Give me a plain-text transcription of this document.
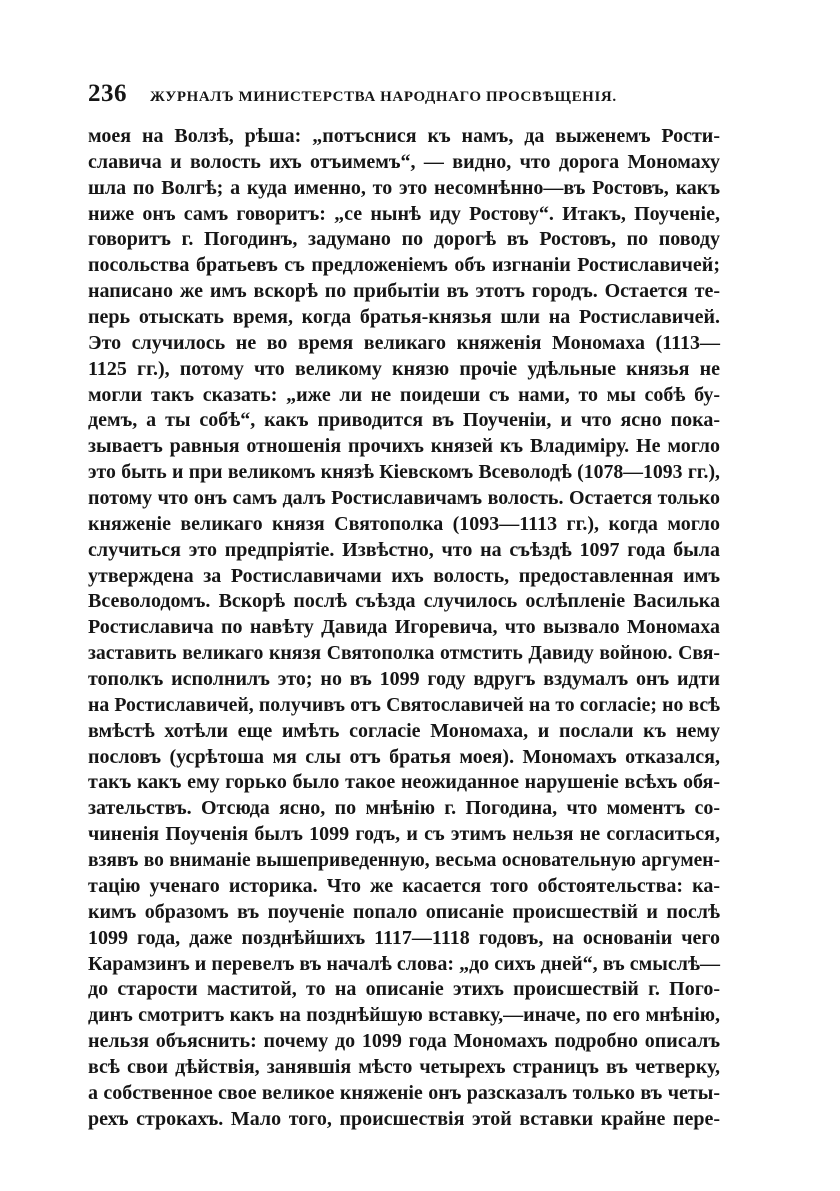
236	ЖУРНАЛЪ МИНИСТЕРСТВА НАРОДНАГО ПРОСВѢЩЕНІЯ.
моея на Волзѣ, рѣша: „потъснися къ намъ, да выженемъ Рости-
славича и волость ихъ отъимемъ“, — видно, что дорога Мономаху
шла по Волгѣ; а куда именно, то это несомнѣнно—въ Ростовъ, какъ
ниже онъ самъ говоритъ: „се нынѣ иду Ростову“. Итакъ, Поученіе,
говоритъ г. Погодинъ, задумано по дорогѣ въ Ростовъ, по поводу
посольства братьевъ съ предложеніемъ объ изгнаніи Ростиславичей;
написано же имъ вскорѣ по прибытіи въ этотъ городъ. Остается те-
перь отыскать время, когда братья-князья шли на Ростиславичей.
Это случилось не во время великаго княженія Мономаха (1113—
1125 гг.), потому что великому князю прочіе удѣльные князья не
могли такъ сказать: „иже ли не поидеши съ нами, то мы собѣ бу-
демъ, а ты собѣ“, какъ приводится въ Поученіи, и что ясно пока-
зываетъ равныя отношенія прочихъ князей къ Владиміру. Не могло
это быть и при великомъ князѣ Кіевскомъ Всеволодѣ (1078—1093 гг.),
потому что онъ самъ далъ Ростиславичамъ волость. Остается только
княженіе великаго князя Святополка (1093—1113 гг.), когда могло
случиться это предпріятіе. Извѣстно, что на съѣздѣ 1097 года была
утверждена за Ростиславичами ихъ волость, предоставленная имъ
Всеволодомъ. Вскорѣ послѣ съѣзда случилось ослѣпленіе Василька
Ростиславича по навѣту Давида Игоревича, что вызвало Мономаха
заставить великаго князя Святополка отмстить Давиду войною. Свя-
тополкъ исполнилъ это; но въ 1099 году вдругъ вздумалъ онъ идти
на Ростиславичей, получивъ отъ Святославичей на то согласіе; но всѣ
вмѣстѣ хотѣли еще имѣть согласіе Мономаха, и послали къ нему
пословъ (усрѣтоша мя слы отъ братья моея). Мономахъ отказался,
такъ какъ ему горько было такое неожиданное нарушеніе всѣхъ обя-
зательствъ. Отсюда ясно, по мнѣнію г. Погодина, что моментъ со-
чиненія Поученія былъ 1099 годъ, и съ этимъ нельзя не согласиться,
взявъ во вниманіе вышеприведенную, весьма основательную аргумен-
тацію ученаго историка. Что же касается того обстоятельства: ка-
кимъ образомъ въ поученіе попало описаніе происшествій и послѣ
1099 года, даже позднѣйшихъ 1117—1118 годовъ, на основаніи чего
Карамзинъ и перевелъ въ началѣ слова: „до сихъ дней“, въ смыслѣ—
до старости маститой, то на описаніе этихъ происшествій г. Пого-
динъ смотритъ какъ на позднѣйшую вставку,—иначе, по его мнѣнію,
нельзя объяснить: почему до 1099 года Мономахъ подробно описалъ
всѣ свои дѣйствія, занявшія мѣсто четырехъ страницъ въ четверку,
а собственное свое великое княженіе онъ разсказалъ только въ четы-
рехъ строкахъ. Мало того, происшествія этой вставки крайне пере-
